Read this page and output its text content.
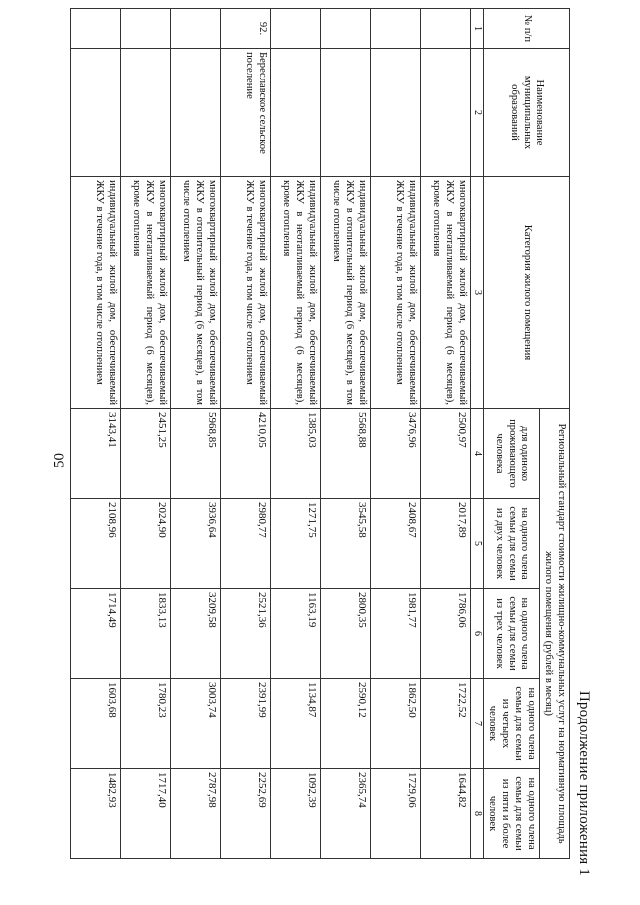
50
Продолжение приложения 1
№ п/п	Наименование муниципальных образований	Категория жилого помещения	Региональный стандарт стоимости жилищно-коммунальных услуг на нормативную площадь жилого помещения (рублей в месяц)				
			для одиноко проживающего человека	на одного члена семьи для семьи из двух человек	на одного члена семьи для семьи из трех человек	на одного члена семьи для семьи из четырех человек	на одного члена семьи для семьи из пяти и более человек
1	2	3	4	5	6	7	8
		многоквартирный жилой дом, обеспечиваемый ЖКУ в неотапливаемый период (6 месяцев), кроме отопления	2500,97	2017,89	1786,06	1722,52	1644,82
		индивидуальный жилой дом, обеспечиваемый ЖКУ в течение года, в том числе отоплением	3476,96	2408,67	1981,77	1862,50	1729,06
		индивидуальный жилой дом, обеспечиваемый ЖКУ в отопительный период (6 месяцев), в том числе отоплением	5568,88	3545,58	2800,35	2590,12	2365,74
		индивидуальный жилой дом, обеспечиваемый ЖКУ в неотапливаемый период (6 месяцев), кроме отопления	1385,03	1271,75	1163,19	1134,87	1092,39
92.	Береславское сельское поселение	многоквартирный жилой дом, обеспечиваемый ЖКУ в течение года, в том числе отоплением	4210,05	2980,77	2521,36	2391,99	2252,69
		многоквартирный жилой дом, обеспечиваемый ЖКУ в отопительный период (6 месяцев), в том числе отоплением	5968,85	3936,64	3209,58	3003,74	2787,98
		многоквартирный жилой дом, обеспечиваемый ЖКУ в неотапливаемый период (6 месяцев), кроме отопления	2451,25	2024,90	1833,13	1780,23	1717,40
		индивидуальный жилой дом, обеспечиваемый ЖКУ в течение года, в том числе отоплением	3143,41	2108,96	1714,49	1603,68	1482,93
